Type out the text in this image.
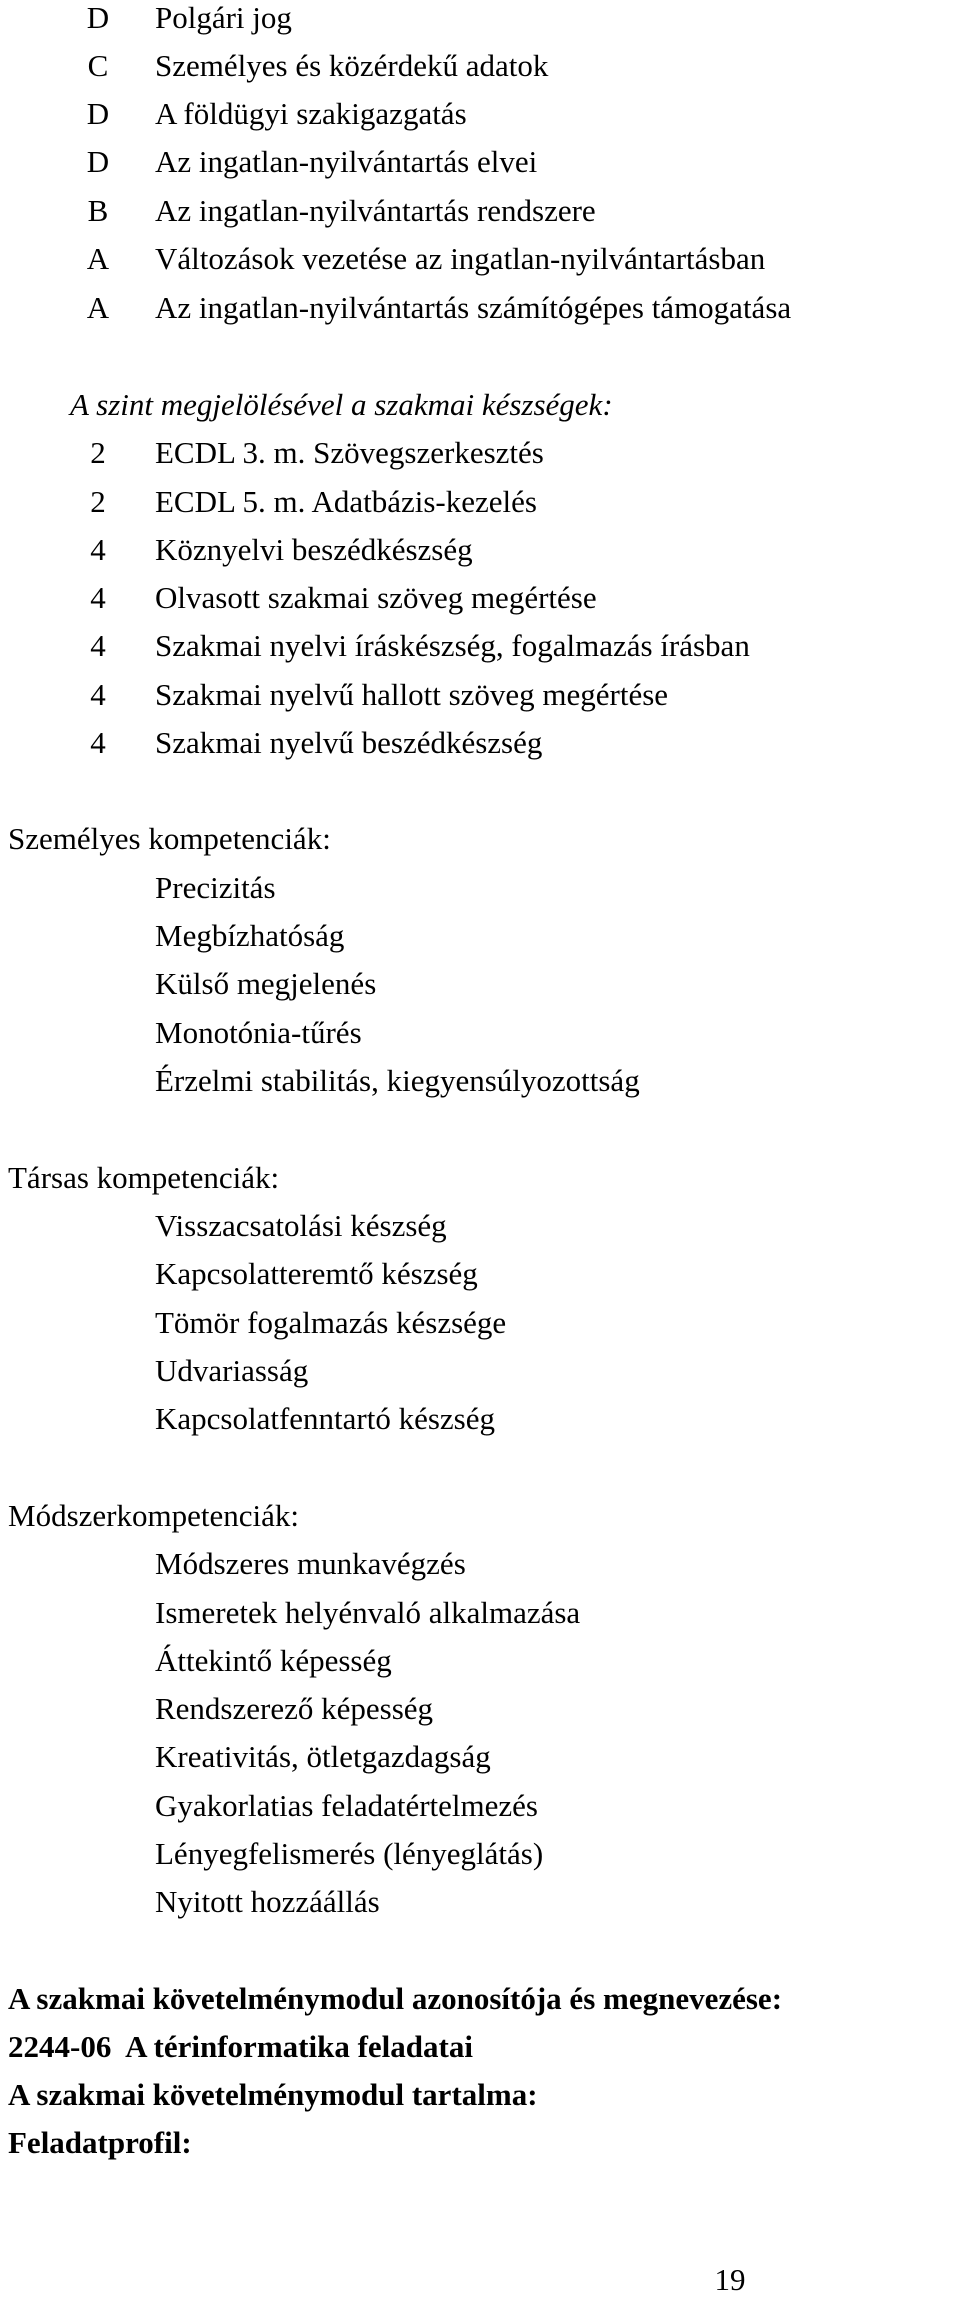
D Polgári jog
C	Személyes és közérdekű adatok
D A földügyi szakigazgatás
D Az ingatlan-nyilvántartás elvei
B	Az ingatlan-nyilvántartás rendszere
A Változások vezetése az ingatlan-nyilvántartásban
A Az ingatlan-nyilvántartás számítógépes támogatása
A szint megjelölésével a szakmai készségek:
2	ECDL 3. m. Szövegszerkesztés
2	ECDL 5. m. Adatbázis-kezelés
4	Köznyelvi beszédkészség
4	Olvasott szakmai szöveg megértése
4	Szakmai nyelvi íráskészség, fogalmazás írásban
4	Szakmai nyelvű hallott szöveg megértése
4	Szakmai nyelvű beszédkészség
Személyes kompetenciák:
Precizitás
Megbízhatóság
Külső megjelenés
Monotónia-tűrés
Érzelmi stabilitás, kiegyensúlyozottság
Társas kompetenciák:
Visszacsatolási készség
Kapcsolatteremtő készség
Tömör fogalmazás készsége
Udvariasság
Kapcsolatfenntartó készség
Módszerkompetenciák:
Módszeres munkavégzés
Ismeretek helyénvaló alkalmazása
Áttekintő képesség
Rendszerező képesség
Kreativitás, ötletgazdagság
Gyakorlatias feladatértelmezés
Lényegfelismerés (lényeglátás)
Nyitott hozzáállás
A szakmai követelménymodul azonosítója és megnevezése:
2244-06  A térinformatika feladatai
A szakmai követelménymodul tartalma:
Feladatprofil:
19
